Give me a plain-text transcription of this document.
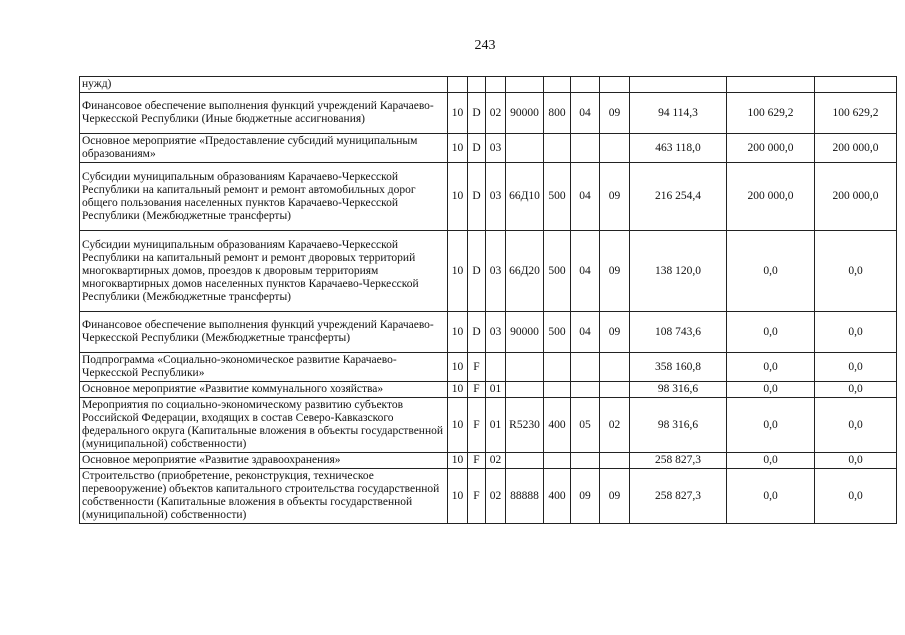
243
нужд)										
Финансовое обеспечение выполнения функций учреждений Карачаево-Черкесской Республики (Иные бюджетные ассигнования)	10	D	02	90000	800	04	09	94 114,3	100 629,2	100 629,2
Основное мероприятие «Предоставление субсидий муниципальным образованиям»	10	D	03					463 118,0	200 000,0	200 000,0
Субсидии муниципальным образованиям Карачаево-Черкесской Республики на капитальный ремонт и ремонт автомобильных дорог общего пользования населенных пунктов Карачаево-Черкесской Республики (Межбюджетные трансферты)	10	D	03	66Д10	500	04	09	216 254,4	200 000,0	200 000,0
Субсидии муниципальным образованиям Карачаево-Черкесской Республики на капитальный ремонт и ремонт дворовых территорий многоквартирных домов, проездов к дворовым территориям многоквартирных домов населенных пунктов Карачаево-Черкесской Республики (Межбюджетные трансферты)	10	D	03	66Д20	500	04	09	138 120,0	0,0	0,0
Финансовое обеспечение выполнения функций учреждений Карачаево-Черкесской Республики (Межбюджетные трансферты)	10	D	03	90000	500	04	09	108 743,6	0,0	0,0
Подпрограмма «Социально-экономическое развитие Карачаево-Черкесской Республики»	10	F						358 160,8	0,0	0,0
Основное мероприятие «Развитие коммунального хозяйства»	10	F	01					98 316,6	0,0	0,0
Мероприятия по социально-экономическому развитию субъектов Российской Федерации, входящих в состав Северо-Кавказского федерального округа (Капитальные вложения в объекты государственной (муниципальной) собственности)	10	F	01	R5230	400	05	02	98 316,6	0,0	0,0
Основное мероприятие «Развитие здравоохранения»	10	F	02					258 827,3	0,0	0,0
Строительство (приобретение, реконструкция, техническое перевооружение) объектов капитального строительства государственной собственности (Капитальные вложения в объекты государственной (муниципальной) собственности)	10	F	02	88888	400	09	09	258 827,3	0,0	0,0
